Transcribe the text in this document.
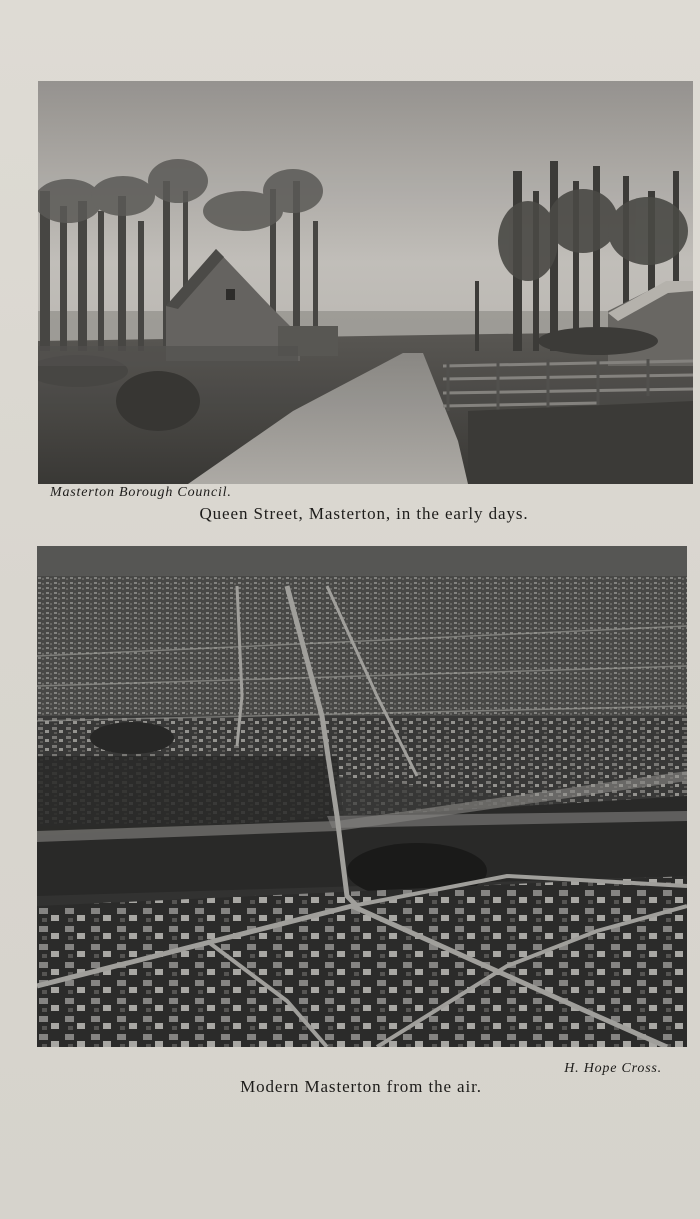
Masterton Borough Council.
Queen Street, Masterton, in the early days.
H. Hope Cross.
Modern Masterton from the air.
